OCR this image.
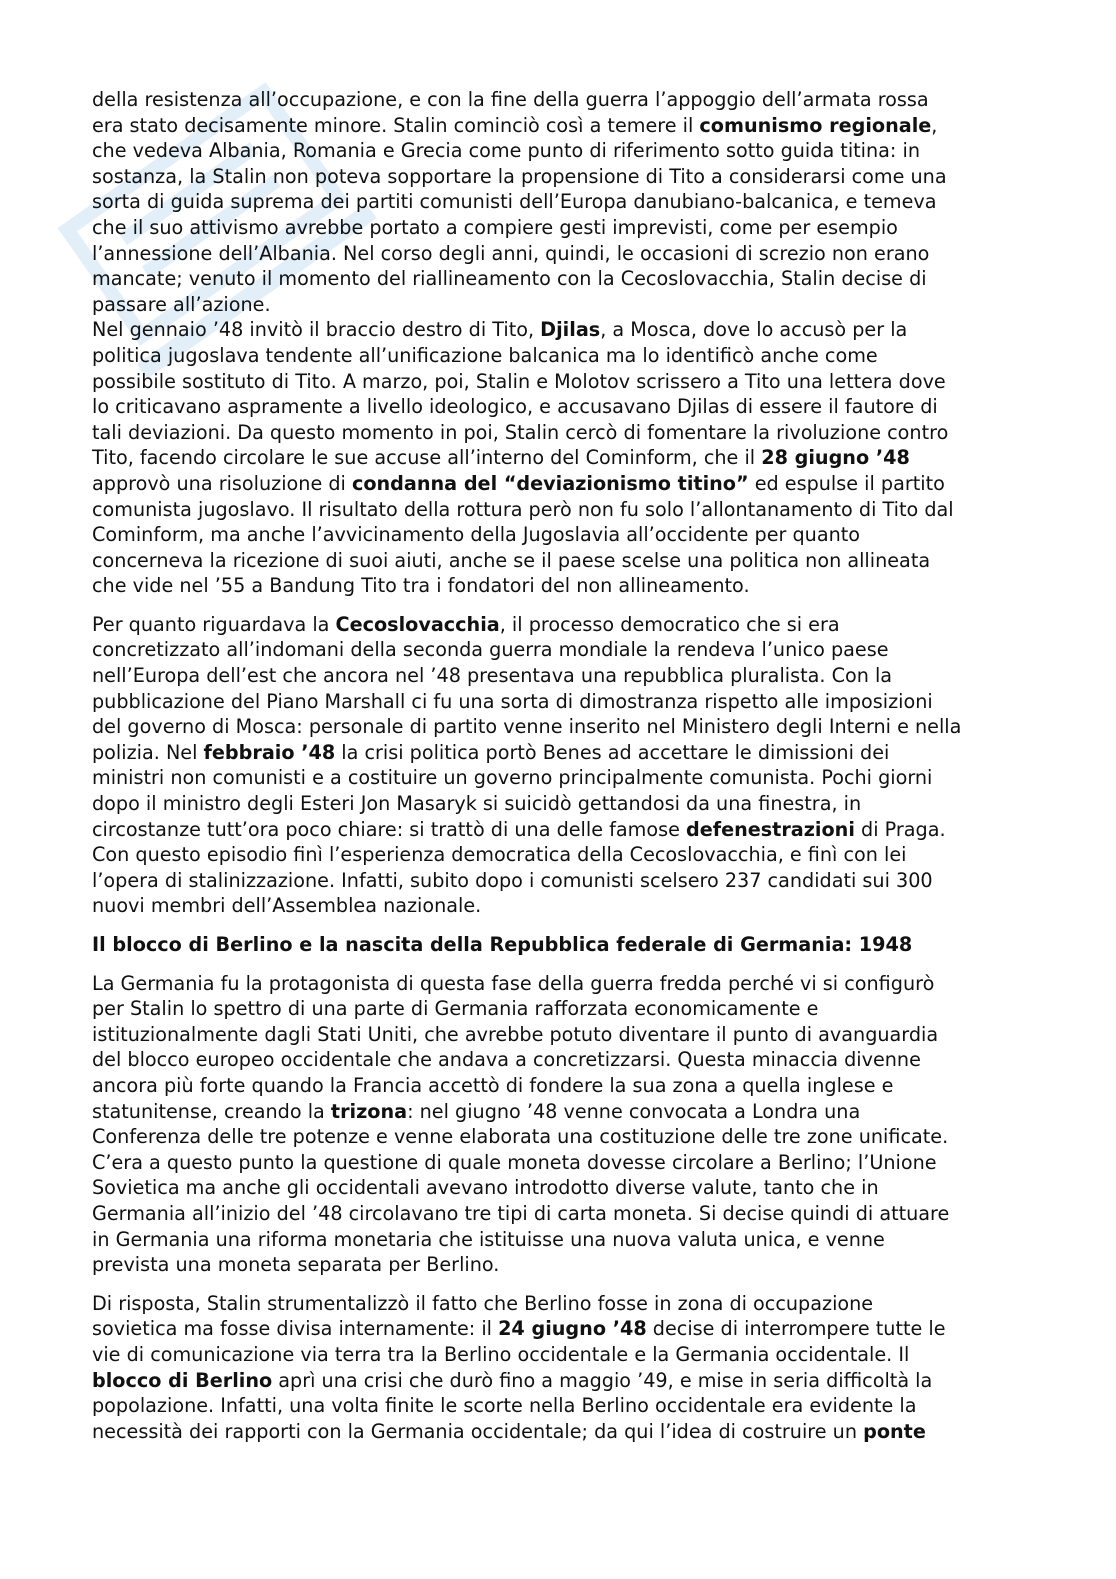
della resistenza all’occupazione, e con la fine della guerra l’appoggio dell’armata rossa
era stato decisamente minore. Stalin cominciò così a temere il comunismo regionale,
che vedeva Albania, Romania e Grecia come punto di riferimento sotto guida titina: in
sostanza, la Stalin non poteva sopportare la propensione di Tito a considerarsi come una
sorta di guida suprema dei partiti comunisti dell’Europa danubiano-balcanica, e temeva
che il suo attivismo avrebbe portato a compiere gesti imprevisti, come per esempio
l’annessione dell’Albania. Nel corso degli anni, quindi, le occasioni di screzio non erano
mancate; venuto il momento del riallineamento con la Cecoslovacchia, Stalin decise di
passare all’azione.
Nel gennaio ’48 invitò il braccio destro di Tito, Djilas, a Mosca, dove lo accusò per la
politica jugoslava tendente all’unificazione balcanica ma lo identificò anche come
possibile sostituto di Tito. A marzo, poi, Stalin e Molotov scrissero a Tito una lettera dove
lo criticavano aspramente a livello ideologico, e accusavano Djilas di essere il fautore di
tali deviazioni. Da questo momento in poi, Stalin cercò di fomentare la rivoluzione contro
Tito, facendo circolare le sue accuse all’interno del Cominform, che il 28 giugno ’48
approvò una risoluzione di condanna del “deviazionismo titino” ed espulse il partito
comunista jugoslavo. Il risultato della rottura però non fu solo l’allontanamento di Tito dal
Cominform, ma anche l’avvicinamento della Jugoslavia all’occidente per quanto
concerneva la ricezione di suoi aiuti, anche se il paese scelse una politica non allineata
che vide nel ’55 a Bandung Tito tra i fondatori del non allineamento.
Per quanto riguardava la Cecoslovacchia, il processo democratico che si era
concretizzato all’indomani della seconda guerra mondiale la rendeva l’unico paese
nell’Europa dell’est che ancora nel ’48 presentava una repubblica pluralista. Con la
pubblicazione del Piano Marshall ci fu una sorta di dimostranza rispetto alle imposizioni
del governo di Mosca: personale di partito venne inserito nel Ministero degli Interni e nella
polizia. Nel febbraio ’48 la crisi politica portò Benes ad accettare le dimissioni dei
ministri non comunisti e a costituire un governo principalmente comunista. Pochi giorni
dopo il ministro degli Esteri Jon Masaryk si suicidò gettandosi da una finestra, in
circostanze tutt’ora poco chiare: si trattò di una delle famose defenestrazioni di Praga.
Con questo episodio finì l’esperienza democratica della Cecoslovacchia, e finì con lei
l’opera di stalinizzazione. Infatti, subito dopo i comunisti scelsero 237 candidati sui 300
nuovi membri dell’Assemblea nazionale.
Il blocco di Berlino e la nascita della Repubblica federale di Germania: 1948
La Germania fu la protagonista di questa fase della guerra fredda perché vi si configurò
per Stalin lo spettro di una parte di Germania rafforzata economicamente e
istituzionalmente dagli Stati Uniti, che avrebbe potuto diventare il punto di avanguardia
del blocco europeo occidentale che andava a concretizzarsi. Questa minaccia divenne
ancora più forte quando la Francia accettò di fondere la sua zona a quella inglese e
statunitense, creando la trizona: nel giugno ’48 venne convocata a Londra una
Conferenza delle tre potenze e venne elaborata una costituzione delle tre zone unificate.
C’era a questo punto la questione di quale moneta dovesse circolare a Berlino; l’Unione
Sovietica ma anche gli occidentali avevano introdotto diverse valute, tanto che in
Germania all’inizio del ’48 circolavano tre tipi di carta moneta. Si decise quindi di attuare
in Germania una riforma monetaria che istituisse una nuova valuta unica, e venne
prevista una moneta separata per Berlino.
Di risposta, Stalin strumentalizzò il fatto che Berlino fosse in zona di occupazione
sovietica ma fosse divisa internamente: il 24 giugno ’48 decise di interrompere tutte le
vie di comunicazione via terra tra la Berlino occidentale e la Germania occidentale. Il
blocco di Berlino aprì una crisi che durò fino a maggio ’49, e mise in seria difficoltà la
popolazione. Infatti, una volta finite le scorte nella Berlino occidentale era evidente la
necessità dei rapporti con la Germania occidentale; da qui l’idea di costruire un ponte
